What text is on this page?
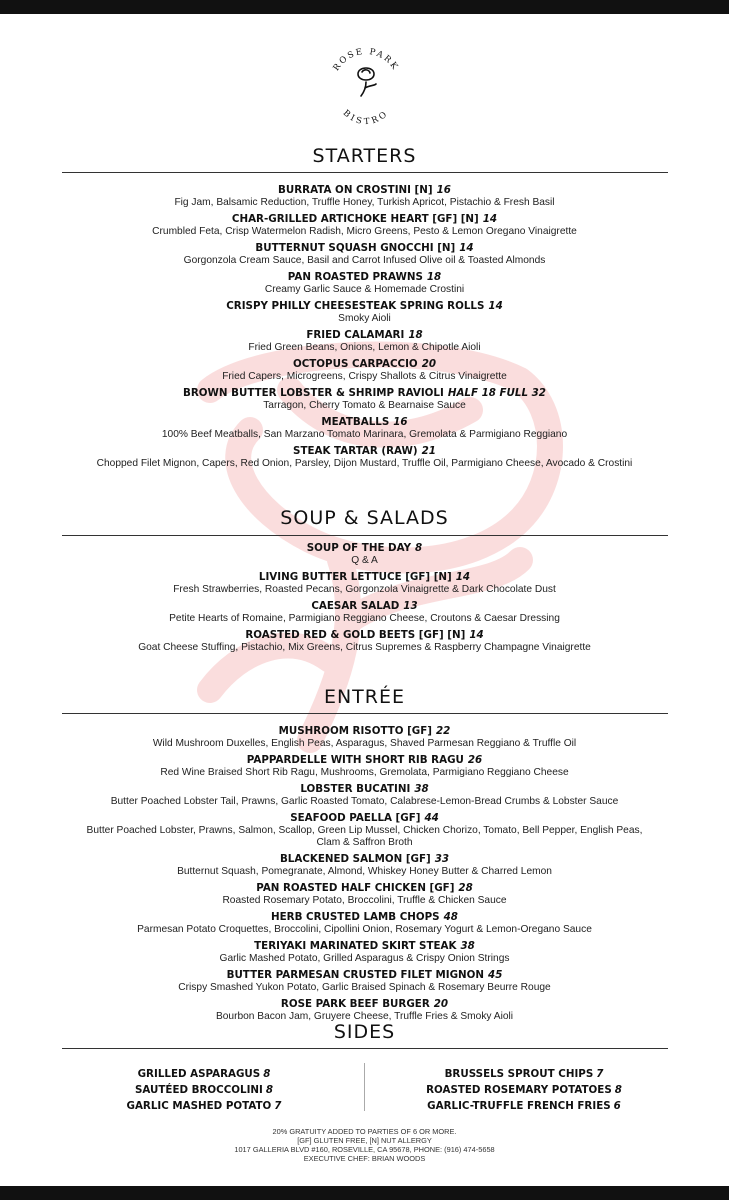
ROSE PARK
BISTRO
STARTERS
BURRATA ON CROSTINI [N] 16
Fig Jam, Balsamic Reduction, Truffle Honey, Turkish Apricot, Pistachio & Fresh Basil
CHAR-GRILLED ARTICHOKE HEART [GF] [N] 14
Crumbled Feta, Crisp Watermelon Radish, Micro Greens, Pesto & Lemon Oregano Vinaigrette
BUTTERNUT SQUASH GNOCCHI [N] 14
Gorgonzola Cream Sauce, Basil and Carrot Infused Olive oil & Toasted Almonds
PAN ROASTED PRAWNS 18
Creamy Garlic Sauce & Homemade Crostini
CRISPY PHILLY CHEESESTEAK SPRING ROLLS 14
Smoky Aioli
FRIED CALAMARI 18
Fried Green Beans, Onions, Lemon & Chipotle Aioli
OCTOPUS CARPACCIO 20
Fried Capers, Microgreens, Crispy Shallots & Citrus Vinaigrette
BROWN BUTTER LOBSTER & SHRIMP RAVIOLI HALF 18 FULL 32
Tarragon, Cherry Tomato & Bearnaise Sauce
MEATBALLS 16
100% Beef Meatballs, San Marzano Tomato Marinara, Gremolata & Parmigiano Reggiano
STEAK TARTAR (RAW) 21
Chopped Filet Mignon, Capers, Red Onion, Parsley, Dijon Mustard, Truffle Oil, Parmigiano Cheese, Avocado & Crostini
SOUP & SALADS
SOUP OF THE DAY 8
Q & A
LIVING BUTTER LETTUCE [GF] [N] 14
Fresh Strawberries, Roasted Pecans, Gorgonzola Vinaigrette & Dark Chocolate Dust
CAESAR SALAD 13
Petite Hearts of Romaine, Parmigiano Reggiano Cheese, Croutons & Caesar Dressing
ROASTED RED & GOLD BEETS [GF] [N] 14
Goat Cheese Stuffing, Pistachio, Mix Greens, Citrus Supremes & Raspberry Champagne Vinaigrette
ENTRÉE
MUSHROOM RISOTTO [GF] 22
Wild Mushroom Duxelles, English Peas, Asparagus, Shaved Parmesan Reggiano & Truffle Oil
PAPPARDELLE WITH SHORT RIB RAGU 26
Red Wine Braised Short Rib Ragu, Mushrooms, Gremolata, Parmigiano Reggiano Cheese
LOBSTER BUCATINI 38
Butter Poached Lobster Tail, Prawns, Garlic Roasted Tomato, Calabrese-Lemon-Bread Crumbs & Lobster Sauce
SEAFOOD PAELLA [GF] 44
Butter Poached Lobster, Prawns, Salmon, Scallop, Green Lip Mussel, Chicken Chorizo, Tomato, Bell Pepper, English Peas,
Clam & Saffron Broth
BLACKENED SALMON [GF] 33
Butternut Squash, Pomegranate, Almond, Whiskey Honey Butter & Charred Lemon
PAN ROASTED HALF CHICKEN [GF] 28
Roasted Rosemary Potato, Broccolini, Truffle & Chicken Sauce
HERB CRUSTED LAMB CHOPS 48
Parmesan Potato Croquettes, Broccolini, Cipollini Onion, Rosemary Yogurt & Lemon-Oregano Sauce
TERIYAKI MARINATED SKIRT STEAK 38
Garlic Mashed Potato, Grilled Asparagus & Crispy Onion Strings
BUTTER PARMESAN CRUSTED FILET MIGNON 45
Crispy Smashed Yukon Potato, Garlic Braised Spinach & Rosemary Beurre Rouge
ROSE PARK BEEF BURGER 20
Bourbon Bacon Jam, Gruyere Cheese, Truffle Fries & Smoky Aioli
SIDES
GRILLED ASPARAGUS 8
SAUTÉED BROCCOLINI 8
GARLIC MASHED POTATO 7
BRUSSELS SPROUT CHIPS 7
ROASTED ROSEMARY POTATOES 8
GARLIC-TRUFFLE FRENCH FRIES 6
20% GRATUITY ADDED TO PARTIES OF 6 OR MORE.
[GF] GLUTEN FREE, [N] NUT ALLERGY
1017 GALLERIA BLVD #160, ROSEVILLE, CA 95678, PHONE: (916) 474-5658
EXECUTIVE CHEF: BRIAN WOODS
